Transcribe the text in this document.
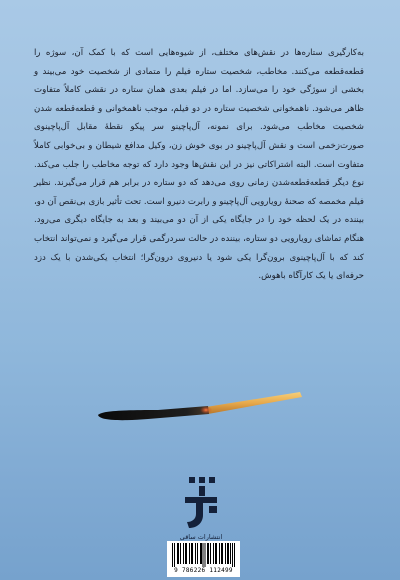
به‌کارگیری ستاره‌ها در نقش‌های مختلف، از شیوه‌هایی است که با کمک آن، سوژه را قطعه‌قطعه می‌کنند. مخاطب، شخصیت ستاره فیلم را متمادی از شخصیت خود می‌بیند و بخشی از سوژگی خود را می‌سازد. اما در فیلم بعدی همان ستاره در نقشی کاملاً متفاوت ظاهر می‌شود. ناهمخوانی شخصیت ستاره در دو فیلم، موجب ناهمخوانی و قطعه‌قطعه شدن شخصیت مخاطب می‌شود. برای نمونه، آل‌پاچینو سر پیکو نقطهٔ مقابل آل‌پاچینوی صورت‌زخمی است و نقش آل‌پاچینو در بوی خوش زن، وکیل مدافع شیطان و بی‌خوابی کاملاً متفاوت است. البته اشتراکاتی نیز در این نقش‌ها وجود دارد که توجه مخاطب را جلب می‌کند. نوع دیگر قطعه‌قطعه‌شدن زمانی روی می‌دهد که دو ستاره در برابر هم قرار می‌گیرند. نظیر فیلم مخمصه که صحنهٔ رویارویی آل‌پاچینو و رابرت دنیرو است. تحت تأثیر بازی بی‌نقص آن دو، بیننده در یک لحظه خود را در جایگاه یکی از آن دو می‌بیند و بعد به جایگاه دیگری می‌رود. هنگام تماشای رویارویی دو ستاره، بیننده در حالت سردرگمی قرار می‌گیرد و نمی‌تواند انتخاب کند که با آل‌پاچینوی برون‌گرا یکی شود یا دنیروی درون‌گرا؛ انتخاب یکی‌شدن با یک دزد حرفه‌ای یا یک کارآگاه باهوش.

انتشارات ساقی
9 786226 112499
